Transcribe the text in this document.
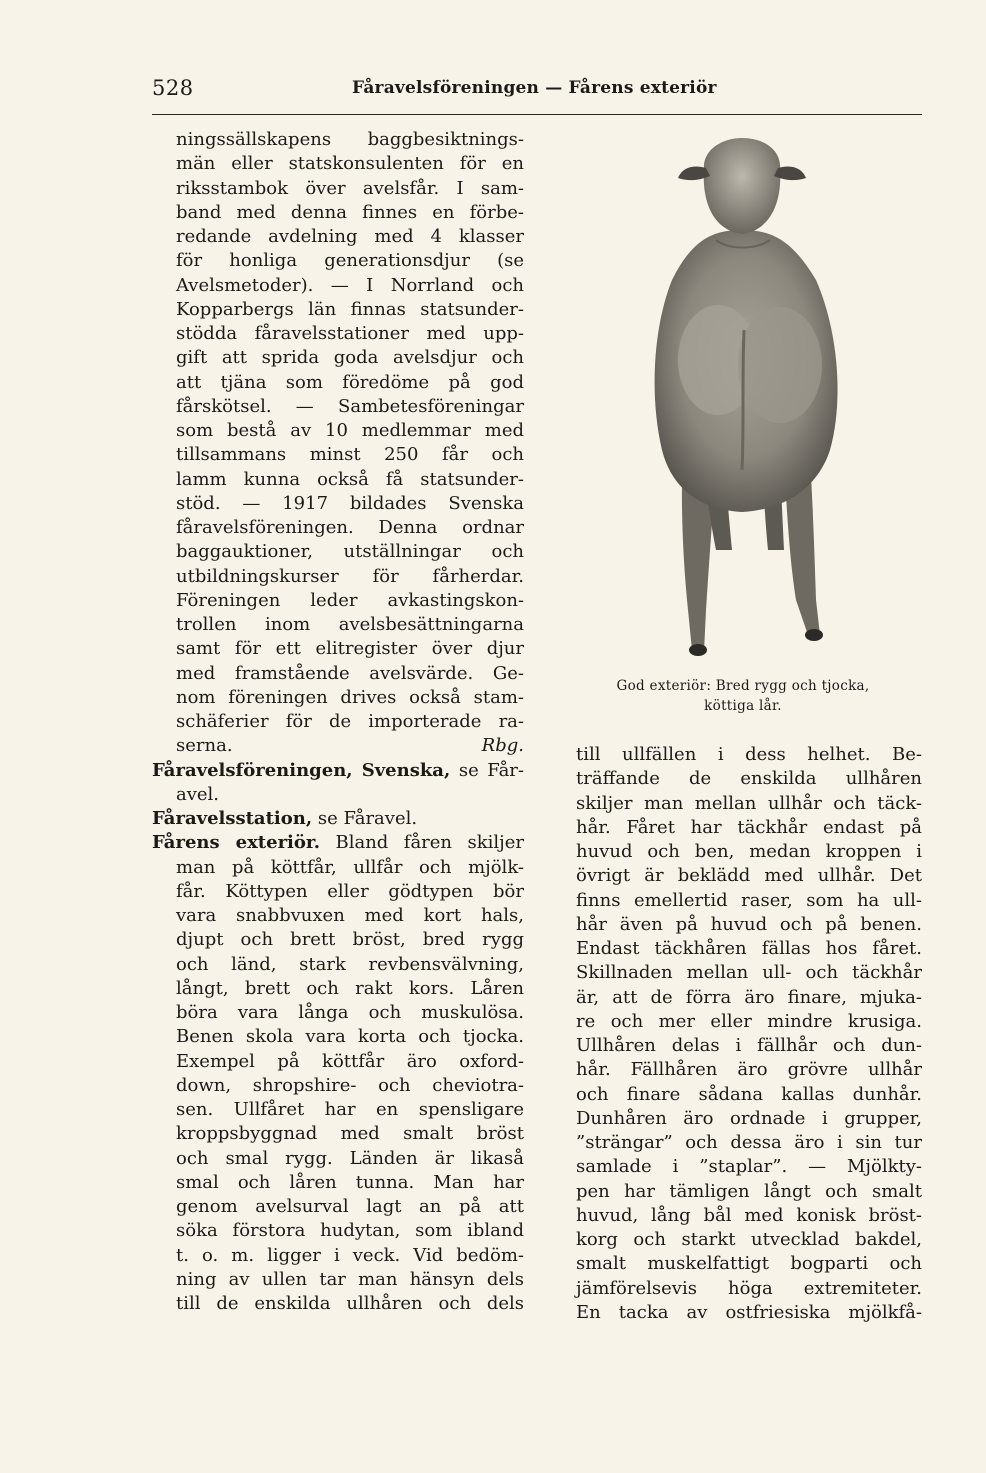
528	Fåravelsföreningen — Fårens exteriör
ningssällskapens baggbesiktnings-
män eller statskonsulenten för en
riksstambok över avelsfår. I sam-
band med denna finnes en förbe-
redande avdelning med 4 klasser
för honliga generationsdjur (se
Avelsmetoder). — I Norrland och
Kopparbergs län finnas statsunder-
stödda fåravelsstationer med upp-
gift att sprida goda avelsdjur och
att tjäna som föredöme på god
fårskötsel. — Sambetesföreningar
som bestå av 10 medlemmar med
tillsammans minst 250 får och
lamm kunna också få statsunder-
stöd. — 1917 bildades Svenska
fåravelsföreningen. Denna ordnar
baggauktioner, utställningar och
utbildningskurser för fårherdar.
Föreningen leder avkastingskon-
trollen inom avelsbesättningarna
samt för ett elitregister över djur
med framstående avelsvärde. Ge-
nom föreningen drives också stam-
schäferier för de importerade ra-
serna.	Rbg.
Fåravelsföreningen, Svenska, se Får-
avel.
Fåravelsstation, se Fåravel.
Fårens exteriör. Bland fåren skiljer
man på köttfår, ullfår och mjölk-
får. Köttypen eller gödtypen bör
vara snabbvuxen med kort hals,
djupt och brett bröst, bred rygg
och länd, stark revbensvälvning,
långt, brett och rakt kors. Låren
böra vara långa och muskulösa.
Benen skola vara korta och tjocka.
Exempel på köttfår äro oxford-
down, shropshire- och cheviotra-
sen. Ullfåret har en spensligare
kroppsbyggnad med smalt bröst
och smal rygg. Länden är likaså
smal och låren tunna. Man har
genom avelsurval lagt an på att
söka förstora hudytan, som ibland
t. o. m. ligger i veck. Vid bedöm-
ning av ullen tar man hänsyn dels
till de enskilda ullhåren och dels
God exteriör: Bred rygg och tjocka,
köttiga lår.
till ullfällen i dess helhet. Be-
träffande de enskilda ullhåren
skiljer man mellan ullhår och täck-
hår. Fåret har täckhår endast på
huvud och ben, medan kroppen i
övrigt är beklädd med ullhår. Det
finns emellertid raser, som ha ull-
hår även på huvud och på benen.
Endast täckhåren fällas hos fåret.
Skillnaden mellan ull- och täckhår
är, att de förra äro finare, mjuka-
re och mer eller mindre krusiga.
Ullhåren delas i fällhår och dun-
hår. Fällhåren äro grövre ullhår
och finare sådana kallas dunhår.
Dunhåren äro ordnade i grupper,
”strängar” och dessa äro i sin tur
samlade i ”staplar”. — Mjölkty-
pen har tämligen långt och smalt
huvud, lång bål med konisk bröst-
korg och starkt utvecklad bakdel,
smalt muskelfattigt bogparti och
jämförelsevis höga extremiteter.
En tacka av ostfriesiska mjölkfå-
